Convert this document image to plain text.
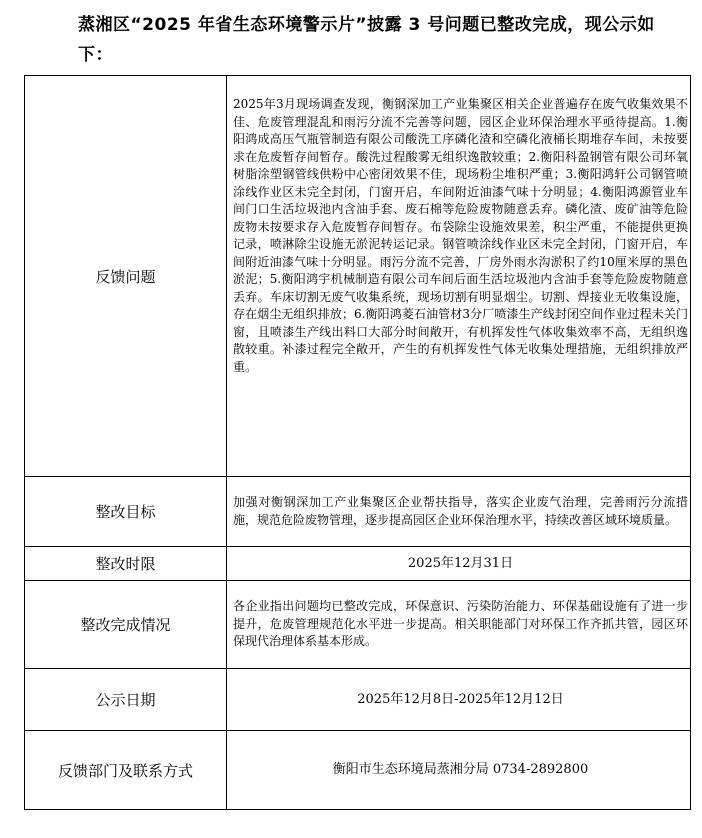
蒸湘区“2025 年省生态环境警示片”披露 3 号问题已整改完成，现公示如下：
反馈问题	2025年3月现场调查发现，衡钢深加工产业集聚区相关企业普遍存在废气收集效果不佳、危废管理混乱和雨污分流不完善等问题，园区企业环保治理水平亟待提高。1.衡阳鸿成高压气瓶管制造有限公司酸洗工序磷化渣和空磷化液桶长期堆存车间，未按要求在危废暂存间暂存。酸洗过程酸雾无组织逸散较重；2.衡阳科盈钢管有限公司环氧树脂涂塑钢管线供粉中心密闭效果不佳，现场粉尘堆积严重；3.衡阳鸿轩公司钢管喷涂线作业区未完全封闭，门窗开启，车间附近油漆气味十分明显；4.衡阳鸿源管业车间门口生活垃圾池内含油手套、废石棉等危险废物随意丢弃。磷化渣、废矿油等危险废物未按要求存入危废暂存间暂存。布袋除尘设施效果差，积尘严重，不能提供更换记录，喷淋除尘设施无淤泥转运记录。钢管喷涂线作业区未完全封闭，门窗开启，车间附近油漆气味十分明显。雨污分流不完善，厂房外雨水沟淤积了约10厘米厚的黑色淤泥；5.衡阳鸿宇机械制造有限公司车间后面生活垃圾池内含油手套等危险废物随意丢弃。车床切割无废气收集系统，现场切割有明显烟尘。切割、焊接业无收集设施，存在烟尘无组织排放；6.衡阳鸿菱石油管材3分厂喷漆生产线封闭空间作业过程未关门窗，且喷漆生产线出料口大部分时间敞开，有机挥发性气体收集效率不高，无组织逸散较重。补漆过程完全敞开，产生的有机挥发性气体无收集处理措施，无组织排放严重。
整改目标	加强对衡钢深加工产业集聚区企业帮扶指导，落实企业废气治理，完善雨污分流措施，规范危险废物管理，逐步提高园区企业环保治理水平，持续改善区域环境质量。
整改时限	2025年12月31日
整改完成情况	各企业指出问题均已整改完成，环保意识、污染防治能力、环保基础设施有了进一步提升，危废管理规范化水平进一步提高。相关职能部门对环保工作齐抓共管，园区环保现代治理体系基本形成。
公示日期	2025年12月8日-2025年12月12日
反馈部门及联系方式	衡阳市生态环境局蒸湘分局 0734-2892800
